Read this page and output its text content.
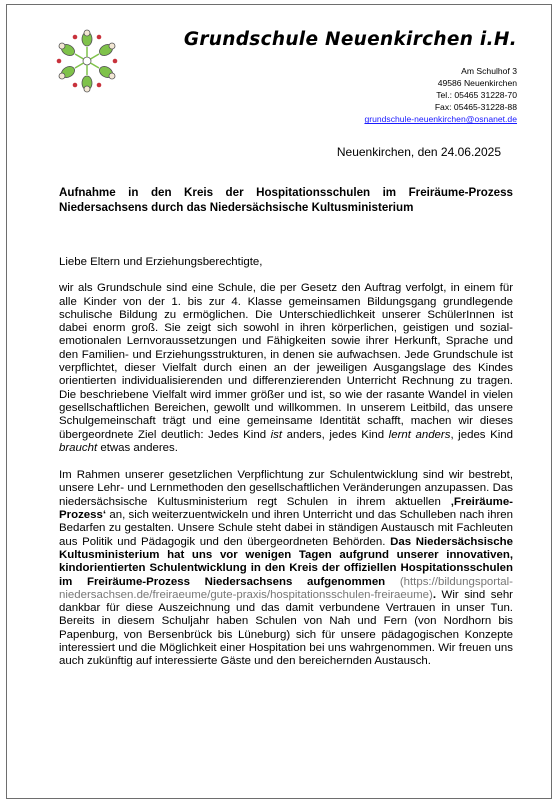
Grundschule Neuenkirchen i.H.
Am Schulhof 3
49586 Neuenkirchen
Tel.: 05465 31228-70
Fax: 05465-31228-88
grundschule-neuenkirchen@osnanet.de
Neuenkirchen, den 24.06.2025
Aufnahme in den Kreis der Hospitationsschulen im Freiräume-Prozess Niedersachsens durch das Niedersächsische Kultusministerium

Liebe Eltern und Erziehungsberechtigte,

wir als Grundschule sind eine Schule, die per Gesetz den Auftrag verfolgt, in einem für alle Kinder von der 1. bis zur 4. Klasse gemeinsamen Bildungsgang grundlegende schulische Bildung zu ermöglichen. Die Unterschiedlichkeit unserer SchülerInnen ist dabei enorm groß. Sie zeigt sich sowohl in ihren körperlichen, geistigen und sozial-emotionalen Lernvoraussetzungen und Fähigkeiten sowie ihrer Herkunft, Sprache und den Familien- und Erziehungsstrukturen, in denen sie aufwachsen. Jede Grundschule ist verpflichtet, dieser Vielfalt durch einen an der jeweiligen Ausgangslage des Kindes orientierten individualisierenden und differenzierenden Unterricht Rechnung zu tragen. Die beschriebene Vielfalt wird immer größer und ist, so wie der rasante Wandel in vielen gesellschaftlichen Bereichen, gewollt und willkommen. In unserem Leitbild, das unsere Schulgemeinschaft trägt und eine gemeinsame Identität schafft, machen wir dieses übergeordnete Ziel deutlich: Jedes Kind ist anders, jedes Kind lernt anders, jedes Kind braucht etwas anderes.

Im Rahmen unserer gesetzlichen Verpflichtung zur Schulentwicklung sind wir bestrebt, unsere Lehr- und Lernmethoden den gesellschaftlichen Veränderungen anzupassen. Das niedersächsische Kultusministerium regt Schulen in ihrem aktuellen ‚Freiräume-Prozess‘ an, sich weiterzuentwickeln und ihren Unterricht und das Schulleben nach ihren Bedarfen zu gestalten. Unsere Schule steht dabei in ständigen Austausch mit Fachleuten aus Politik und Pädagogik und den übergeordneten Behörden. Das Niedersächsische Kultusministerium hat uns vor wenigen Tagen aufgrund unserer innovativen, kindorientierten Schulentwicklung in den Kreis der offiziellen Hospitationsschulen im Freiräume-Prozess Niedersachsens aufgenommen (https://bildungsportal-niedersachsen.de/freiraeume/gute-praxis/hospitationsschulen-freiraeume). Wir sind sehr dankbar für diese Auszeichnung und das damit verbundene Vertrauen in unser Tun. Bereits in diesem Schuljahr haben Schulen von Nah und Fern (von Nordhorn bis Papenburg, von Bersenbrück bis Lüneburg) sich für unsere pädagogischen Konzepte interessiert und die Möglichkeit einer Hospitation bei uns wahrgenommen. Wir freuen uns auch zukünftig auf interessierte Gäste und den bereichernden Austausch.
